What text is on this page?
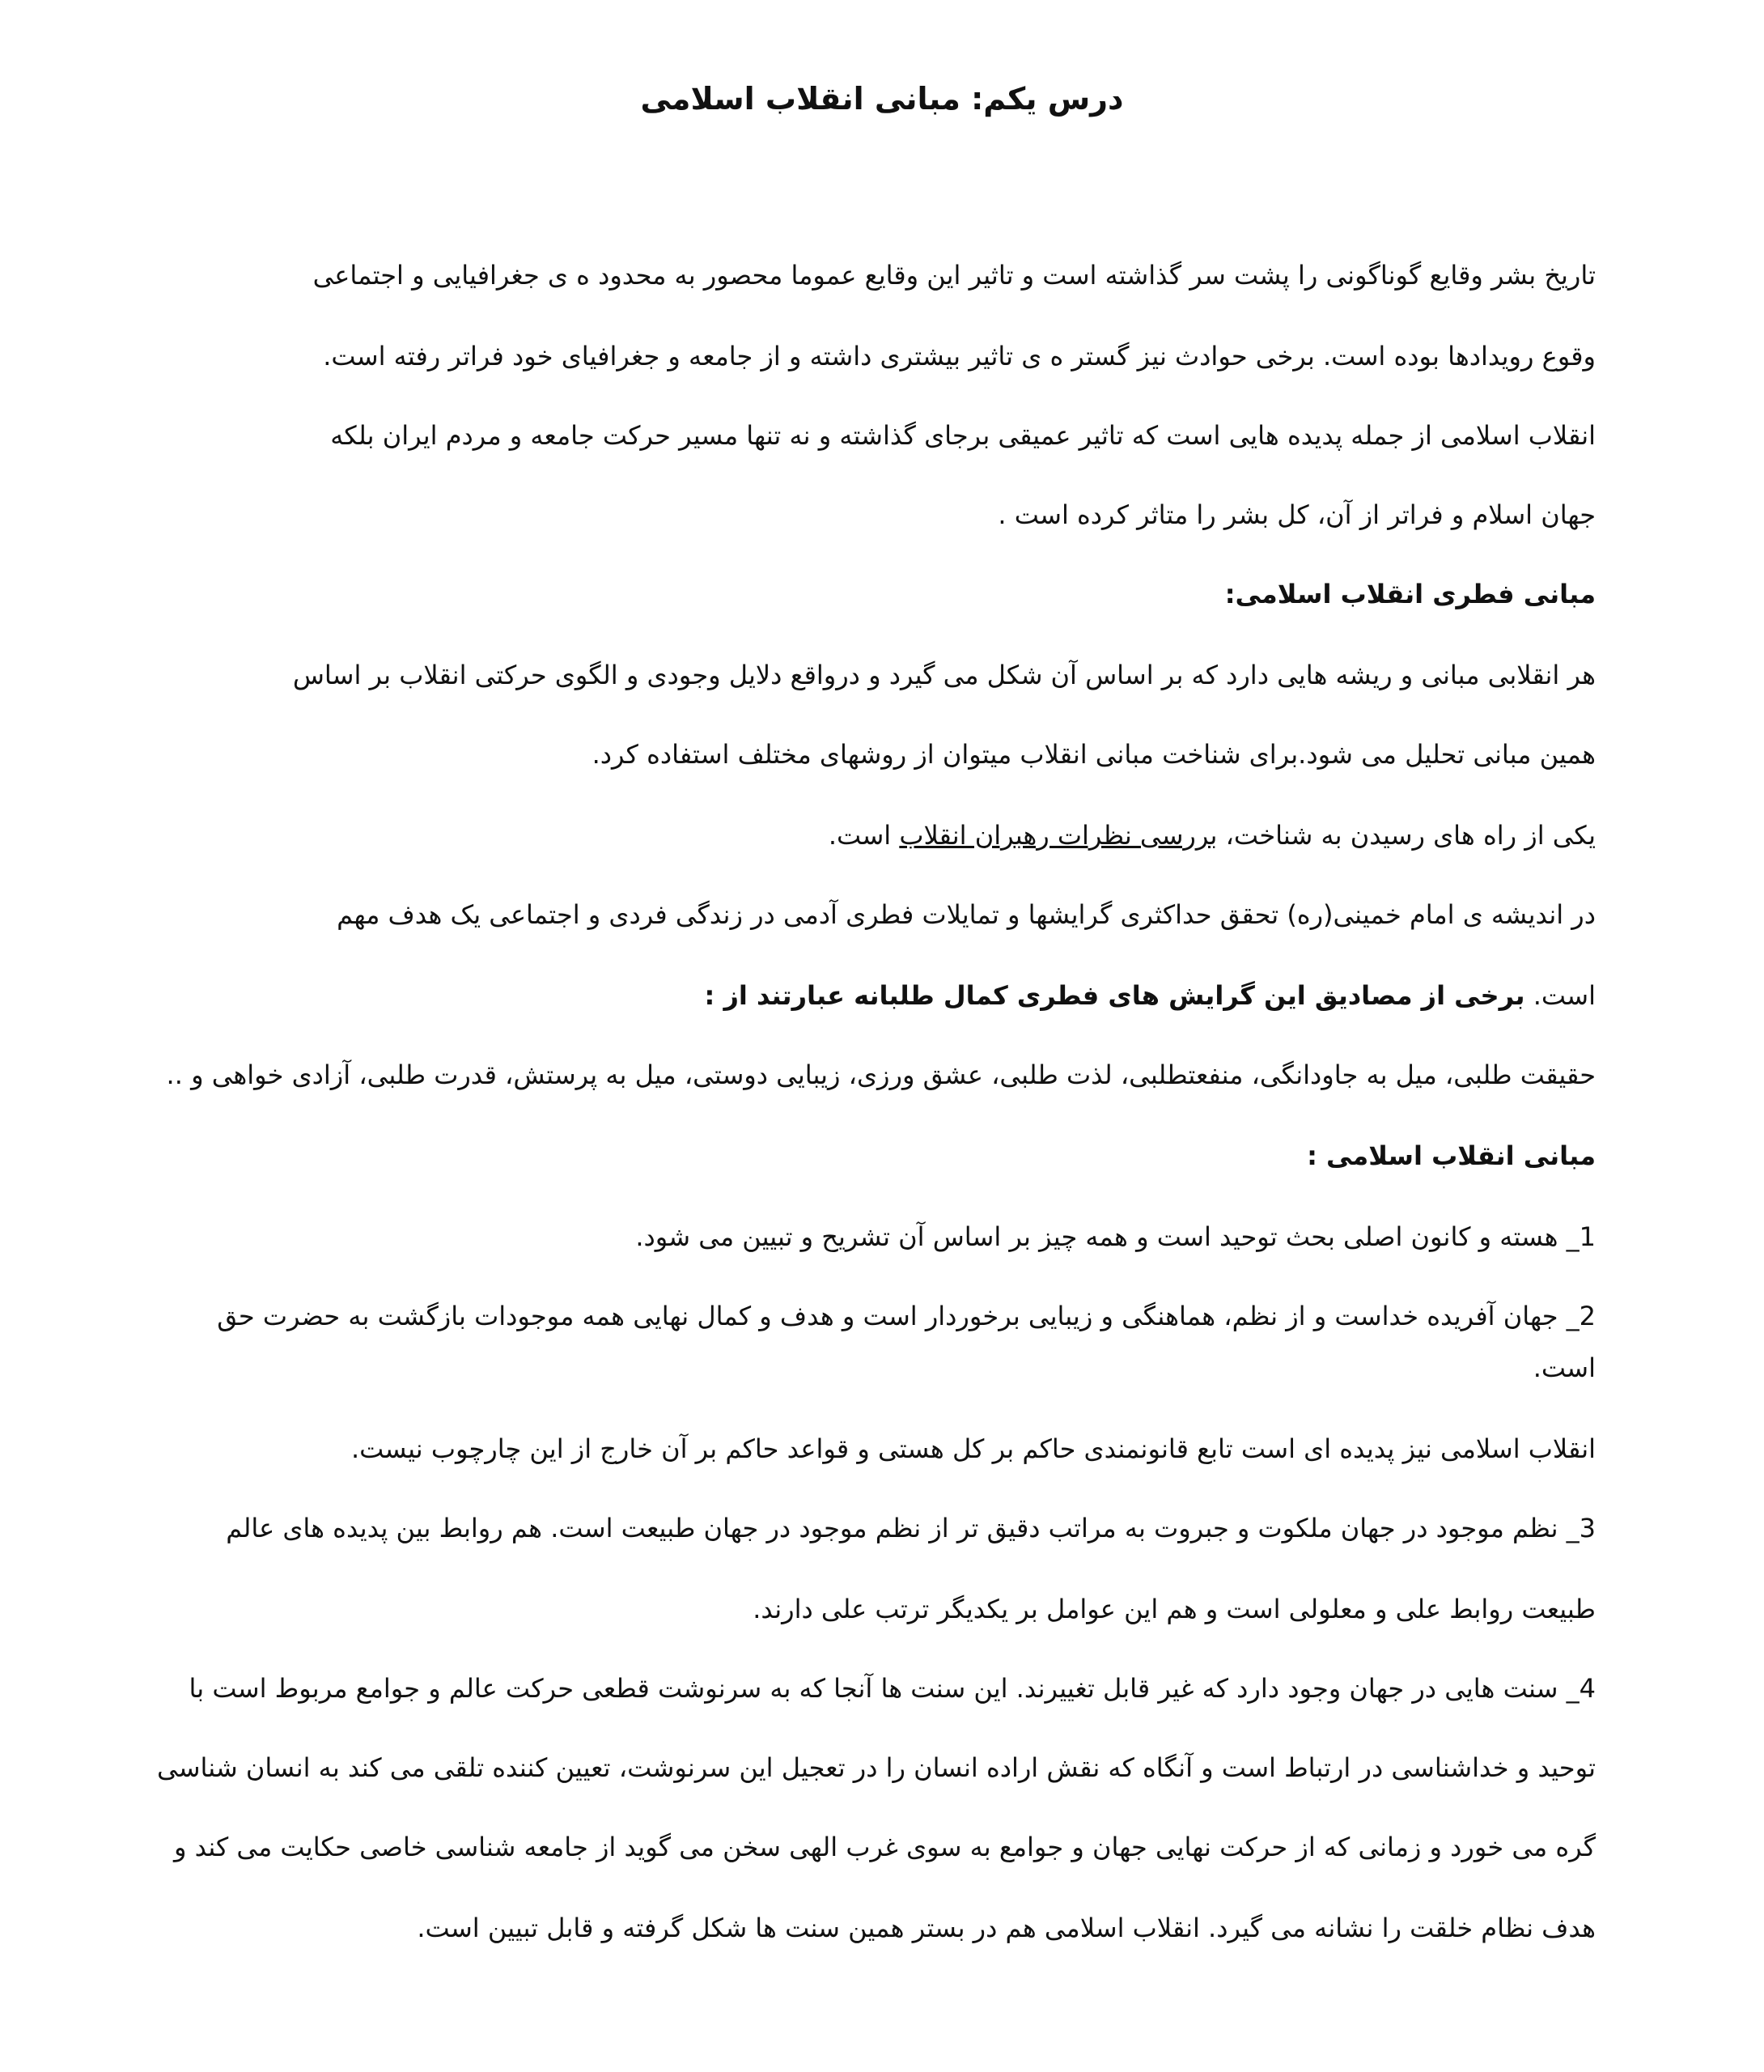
درس یکم: مبانی انقلاب اسلامی

تاریخ بشر وقایع گوناگونی را پشت سر گذاشته است و تاثیر این وقایع عموما محصور به محدود ه ی جغرافیایی و اجتماعی

وقوع رویدادها بوده است. برخی حوادث نیز گستر ه ی تاثیر بیشتری داشته و از جامعه و جغرافیای خود فراتر رفته است.

انقلاب اسلامی از جمله پدیده هایی است که تاثیر عمیقی برجای گذاشته و نه تنها مسیر حرکت جامعه و مردم ایران بلکه

جهان اسلام و فراتر از آن، کل بشر را متاثر کرده است .

مبانی فطری انقلاب اسلامی:

هر انقلابی مبانی و ریشه هایی دارد که بر اساس آن شکل می گیرد و درواقع دلایل وجودی و الگوی حرکتی انقلاب بر اساس

همین مبانی تحلیل می شود.برای شناخت مبانی انقلاب میتوان از روشهای مختلف استفاده کرد.

یکی از راه های رسیدن به شناخت، بررسی نظرات رهبران انقلاب است.

در اندیشه ی امام خمینی(ره) تحقق حداکثری گرایشها و تمایلات فطری آدمی در زندگی فردی و اجتماعی یک هدف مهم

است. برخی از مصادیق این گرایش های فطری کمال طلبانه عبارتند از :

حقیقت طلبی، میل به جاودانگی، منفعتطلبی، لذت طلبی، عشق ورزی، زیبایی دوستی، میل به پرستش، قدرت طلبی، آزادی خواهی و ..

مبانی انقلاب اسلامی :

1_ هسته و کانون اصلی بحث توحید است و همه چیز بر اساس آن تشریح و تبیین می شود.

2_ جهان آفریده خداست و از نظم، هماهنگی و زیبایی برخوردار است و هدف و کمال نهایی همه موجودات بازگشت به حضرت حق

است.

انقلاب اسلامی نیز پدیده ای است تابع قانونمندی حاکم بر کل هستی و قواعد حاکم بر آن خارج از این چارچوب نیست.

3_ نظم موجود در جهان ملکوت و جبروت به مراتب دقیق تر از نظم موجود در جهان طبیعت است. هم روابط بین پدیده های عالم

طبیعت روابط علی و معلولی است و هم این عوامل بر یکدیگر ترتب علی دارند.

4_ سنت هایی در جهان وجود دارد که غیر قابل تغییرند. این سنت ها آنجا که به سرنوشت قطعی حرکت عالم و جوامع مربوط است با

توحید و خداشناسی در ارتباط است و آنگاه که نقش اراده انسان را در تعجیل این سرنوشت، تعیین کننده تلقی می کند به انسان شناسی

گره می خورد و زمانی که از حرکت نهایی جهان و جوامع به سوی غرب الهی سخن می گوید از جامعه شناسی خاصی حکایت می کند و

هدف نظام خلقت را نشانه می گیرد. انقلاب اسلامی هم در بستر همین سنت ها شکل گرفته و قابل تبیین است.
